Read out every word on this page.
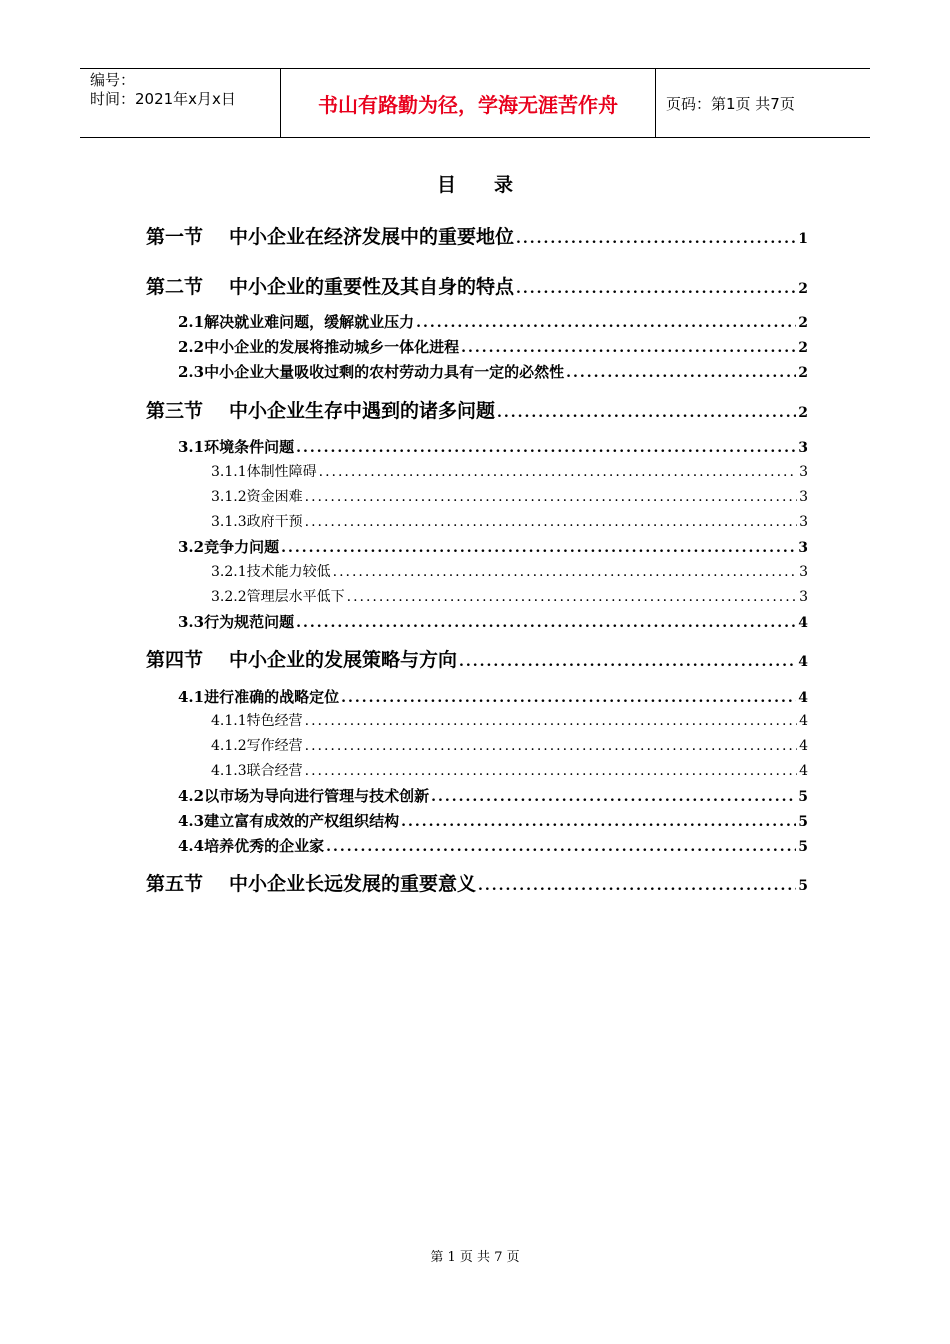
编号：
时间：2021年x月x日	书山有路勤为径，学海无涯苦作舟	页码：第1页 共7页
目录
第一节 中小企业在经济发展中的重要地位 .....	1
第二节 中小企业的重要性及其自身的特点 .....	2
2.1解决就业难问题，缓解就业压力 .....	2
2.2中小企业的发展将推动城乡一体化进程 .....	2
2.3中小企业大量吸收过剩的农村劳动力具有一定的必然性 .....	2
第三节 中小企业生存中遇到的诸多问题 .....	2
3.1环境条件问题 .....	3
3.1.1体制性障碍 .....	3
3.1.2资金困难 .....	3
3.1.3政府干预 .....	3
3.2竞争力问题 .....	3
3.2.1技术能力较低 .....	3
3.2.2管理层水平低下 .....	3
3.3行为规范问题 .....	4
第四节 中小企业的发展策略与方向 .....	4
4.1进行准确的战略定位 .....	4
4.1.1特色经营 .....	4
4.1.2写作经营 .....	4
4.1.3联合经营 .....	4
4.2以市场为导向进行管理与技术创新 .....	5
4.3建立富有成效的产权组织结构 .....	5
4.4培养优秀的企业家 .....	5
第五节 中小企业长远发展的重要意义 .....	5
第 1 页 共 7 页
